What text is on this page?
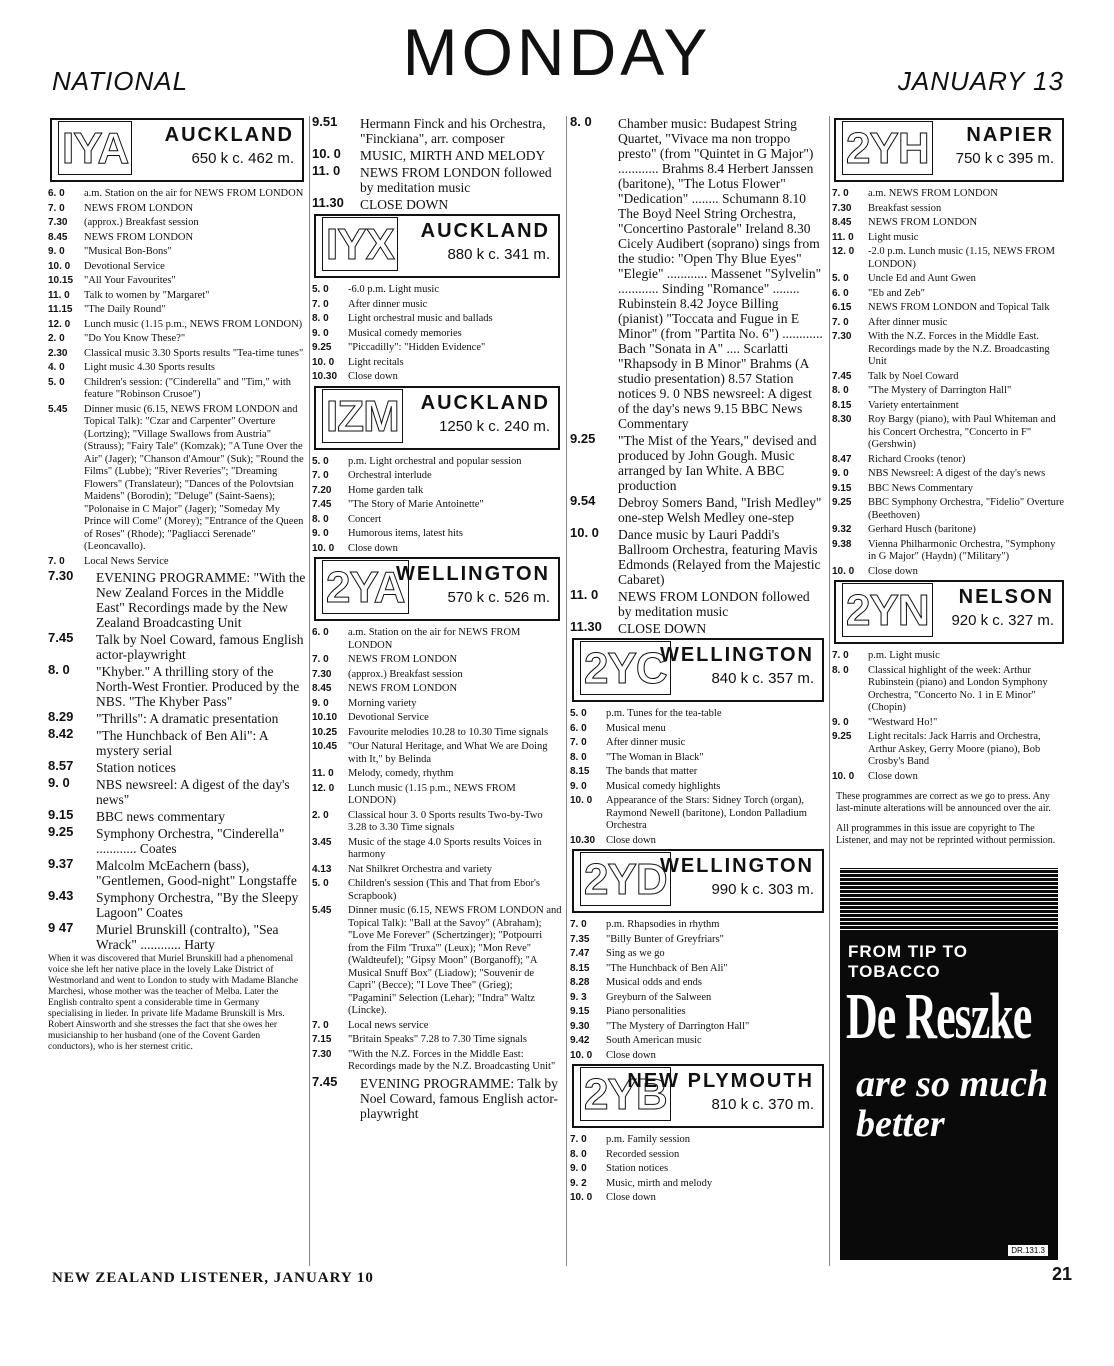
NATIONAL	MONDAY	JANUARY 13
IYA AUCKLAND
650 k c. 462 m.
6. 0	a.m. Station on the air for NEWS FROM LONDON
7. 0	NEWS FROM LONDON
7.30	(approx.) Breakfast session
8.45	NEWS FROM LONDON
9. 0	"Musical Bon-Bons"
10. 0	Devotional Service
10.15	"All Your Favourites"
11. 0	Talk to women by "Margaret"
11.15	"The Daily Round"
12. 0	Lunch music (1.15 p.m., NEWS FROM LONDON)
2. 0	"Do You Know These?"
2.30	Classical music 3.30 Sports results "Tea-time tunes"
4. 0	Light music 4.30 Sports results
5. 0	Children's session: ("Cinderella" and "Tim," with feature "Robinson Crusoe")
5.45	Dinner music (6.15, NEWS FROM LONDON and Topical Talk): "Czar and Carpenter" Overture (Lortzing); "Village Swallows from Austria" (Strauss); "Fairy Tale" (Komzak); "A Tune Over the Air" (Jager); "Chanson d'Amour" (Suk); "Round the Films" (Lubbe); "River Reveries"; "Dreaming Flowers" (Translateur); "Dances of the Polovtsian Maidens" (Borodin); "Deluge" (Saint-Saens); "Polonaise in C Major" (Jager); "Someday My Prince will Come" (Morey); "Entrance of the Queen of Roses" (Rhode); "Pagliacci Serenade" (Leoncavallo).
7. 0	Local News Service
7.30	EVENING PROGRAMME: "With the New Zealand Forces in the Middle East" Recordings made by the New Zealand Broadcasting Unit
7.45	Talk by Noel Coward, famous English actor-playwright
8. 0	"Khyber." A thrilling story of the North-West Frontier. Produced by the NBS. "The Khyber Pass"
8.29	"Thrills": A dramatic presentation
8.42	"The Hunchback of Ben Ali": A mystery serial
8.57	Station notices
9. 0	NBS newsreel: A digest of the day's news"
9.15	BBC news commentary
9.25	Symphony Orchestra, "Cinderella" ............ Coates
9.37	Malcolm McEachern (bass), "Gentlemen, Good-night" Longstaffe
9.43	Symphony Orchestra, "By the Sleepy Lagoon" Coates
9 47	Muriel Brunskill (contralto), "Sea Wrack" ............ Harty
When it was discovered that Muriel Brunskill had a phenomenal voice she left her native place in the lovely Lake District of Westmorland and went to London to study with Madame Blanche Marchesi, whose mother was the teacher of Melba. Later the English contralto spent a considerable time in Germany specialising in lieder. In private life Madame Brunskill is Mrs. Robert Ainsworth and she stresses the fact that she owes her musicianship to her husband (one of the Covent Garden conductors), who is her sternest critic.
9.51	Hermann Finck and his Orchestra, "Finckiana", arr. composer
10. 0	MUSIC, MIRTH AND MELODY
11. 0	NEWS FROM LONDON followed by meditation music
11.30	CLOSE DOWN
IYX AUCKLAND
880 k c. 341 m.
5. 0	-6.0 p.m. Light music
7. 0	After dinner music
8. 0	Light orchestral music and ballads
9. 0	Musical comedy memories
9.25	"Piccadilly": "Hidden Evidence"
10. 0	Light recitals
10.30	Close down
IZM AUCKLAND
1250 k c. 240 m.
5. 0	p.m. Light orchestral and popular session
7. 0	Orchestral interlude
7.20	Home garden talk
7.45	"The Story of Marie Antoinette"
8. 0	Concert
9. 0	Humorous items, latest hits
10. 0	Close down
2YA
WELLINGTON
570 k c. 526 m.
6. 0	a.m. Station on the air for NEWS FROM LONDON
7. 0	NEWS FROM LONDON
7.30	(approx.) Breakfast session
8.45	NEWS FROM LONDON
9. 0	Morning variety
10.10	Devotional Service
10.25	Favourite melodies 10.28 to 10.30 Time signals
10.45	"Our Natural Heritage, and What We are Doing with It," by Belinda
11. 0	Melody, comedy, rhythm
12. 0	Lunch music (1.15 p.m., NEWS FROM LONDON)
2. 0	Classical hour 3. 0 Sports results Two-by-Two 3.28 to 3.30 Time signals
3.45	Music of the stage 4.0 Sports results Voices in harmony
4.13	Nat Shilkret Orchestra and variety
5. 0	Children's session (This and That from Ebor's Scrapbook)
5.45	Dinner music (6.15, NEWS FROM LONDON and Topical Talk): "Ball at the Savoy" (Abraham); "Love Me Forever" (Schertzinger); "Potpourri from the Film 'Truxa'" (Leux); "Mon Reve" (Waldteufel); "Gipsy Moon" (Borganoff); "A Musical Snuff Box" (Liadow); "Souvenir de Capri" (Becce); "I Love Thee" (Grieg); "Pagamini" Selection (Lehar); "Indra" Waltz (Lincke).
7. 0	Local news service
7.15	"Britain Speaks" 7.28 to 7.30 Time signals
7.30	"With the N.Z. Forces in the Middle East: Recordings made by the N.Z. Broadcasting Unit"
7.45	EVENING PROGRAMME: Talk by Noel Coward, famous English actor-playwright
8. 0	Chamber music: Budapest String Quartet, "Vivace ma non troppo presto" (from "Quintet in G Major") ............ Brahms 8.4 Herbert Janssen (baritone), "The Lotus Flower" "Dedication" ........ Schumann 8.10 The Boyd Neel String Orchestra, "Concertino Pastorale" Ireland 8.30 Cicely Audibert (soprano) sings from the studio: "Open Thy Blue Eyes" "Elegie" ............ Massenet "Sylvelin" ............ Sinding "Romance" ........ Rubinstein 8.42 Joyce Billing (pianist) "Toccata and Fugue in E Minor" (from "Partita No. 6") ............ Bach "Sonata in A" .... Scarlatti "Rhapsody in B Minor" Brahms (A studio presentation) 8.57 Station notices 9. 0 NBS newsreel: A digest of the day's news 9.15 BBC News Commentary
9.25	"The Mist of the Years," devised and produced by John Gough. Music arranged by Ian White. A BBC production
9.54	Debroy Somers Band, "Irish Medley" one-step Welsh Medley one-step
10. 0	Dance music by Lauri Paddi's Ballroom Orchestra, featuring Mavis Edmonds (Relayed from the Majestic Cabaret)
11. 0	NEWS FROM LONDON followed by meditation music
11.30	CLOSE DOWN
2YC
WELLINGTON
840 k c. 357 m.
5. 0	p.m. Tunes for the tea-table
6. 0	Musical menu
7. 0	After dinner music
8. 0	"The Woman in Black"
8.15	The bands that matter
9. 0	Musical comedy highlights
10. 0	Appearance of the Stars: Sidney Torch (organ), Raymond Newell (baritone), London Palladium Orchestra
10.30	Close down
2YD
WELLINGTON
990 k c. 303 m.
7. 0	p.m. Rhapsodies in rhythm
7.35	"Billy Bunter of Greyfriars"
7.47	Sing as we go
8.15	"The Hunchback of Ben Ali"
8.28	Musical odds and ends
9. 3	Greyburn of the Salween
9.15	Piano personalities
9.30	"The Mystery of Darrington Hall"
9.42	South American music
10. 0	Close down
2YB
NEW PLYMOUTH
810 k c. 370 m.
7. 0	p.m. Family session
8. 0	Recorded session
9. 0	Station notices
9. 2	Music, mirth and melody
10. 0	Close down
2YH NAPIER
750 k c 395 m.
7. 0	a.m. NEWS FROM LONDON
7.30	Breakfast session
8.45	NEWS FROM LONDON
11. 0	Light music
12. 0	-2.0 p.m. Lunch music (1.15, NEWS FROM LONDON)
5. 0	Uncle Ed and Aunt Gwen
6. 0	"Eb and Zeb"
6.15	NEWS FROM LONDON and Topical Talk
7. 0	After dinner music
7.30	With the N.Z. Forces in the Middle East. Recordings made by the N.Z. Broadcasting Unit
7.45	Talk by Noel Coward
8. 0	"The Mystery of Darrington Hall"
8.15	Variety entertainment
8.30	Roy Bargy (piano), with Paul Whiteman and his Concert Orchestra, "Concerto in F" (Gershwin)
8.47	Richard Crooks (tenor)
9. 0	NBS Newsreel: A digest of the day's news
9.15	BBC News Commentary
9.25	BBC Symphony Orchestra, "Fidelio" Overture (Beethoven)
9.32	Gerhard Husch (baritone)
9.38	Vienna Philharmonic Orchestra, "Symphony in G Major" (Haydn) ("Military")
10. 0	Close down
2YN NELSON
920 k c. 327 m.
7. 0	p.m. Light music
8. 0	Classical highlight of the week: Arthur Rubinstein (piano) and London Symphony Orchestra, "Concerto No. 1 in E Minor" (Chopin)
9. 0	"Westward Ho!"
9.25	Light recitals: Jack Harris and Orchestra, Arthur Askey, Gerry Moore (piano), Bob Crosby's Band
10. 0	Close down
These programmes are correct as we go to press. Any last-minute alterations will be announced over the air.
All programmes in this issue are copyright to The Listener, and may not be reprinted without permission.
FROM TIP TO TOBACCO
De Reszke
are so much better
DR.131.3
NEW ZEALAND LISTENER, JANUARY 10	21
